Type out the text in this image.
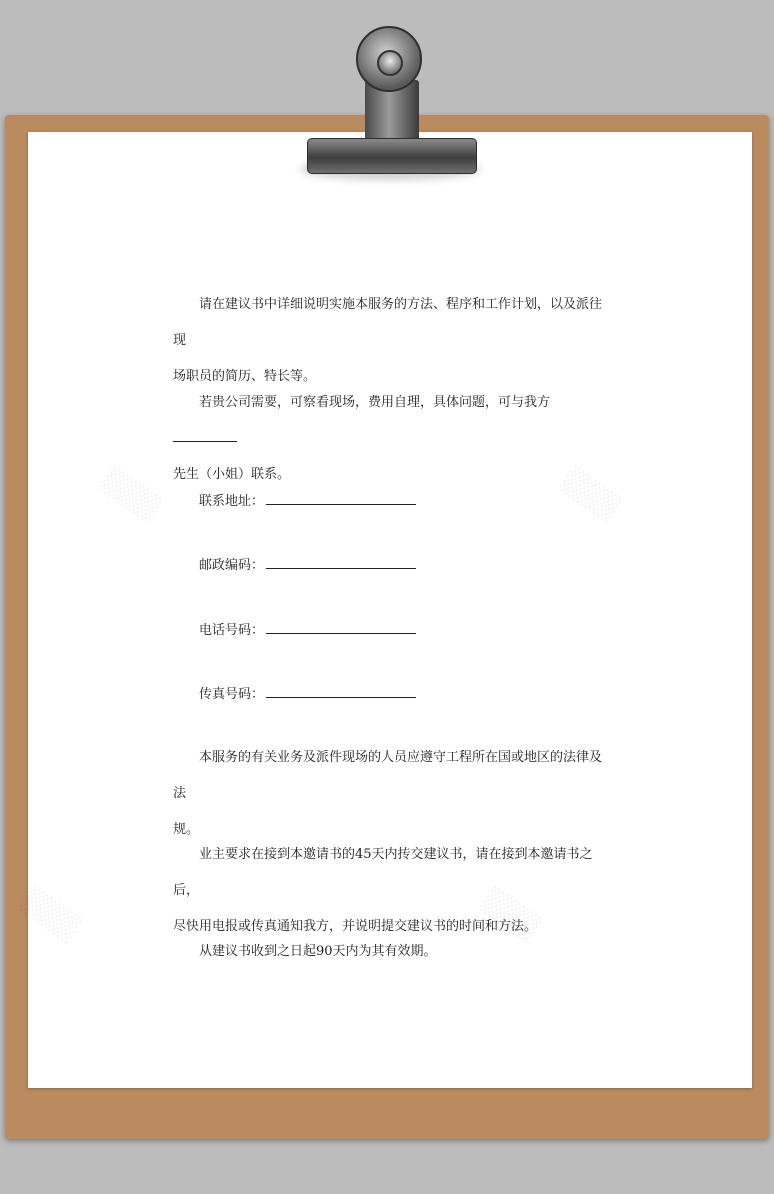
请在建议书中详细说明实施本服务的方法、程序和工作计划，以及派往现
场职员的简历、特长等。

若贵公司需要，可察看现场，费用自理，具体问题，可与我方
先生（小姐）联系。

联系地址：
邮政编码：
电话号码：
传真号码：

本服务的有关业务及派件现场的人员应遵守工程所在国或地区的法律及法
规。

业主要求在接到本邀请书的45天内抟交建议书，请在接到本邀请书之后，
尽快用电报或传真通知我方，并说明提交建议书的时间和方法。

从建议书收到之日起90天内为其有效期。
